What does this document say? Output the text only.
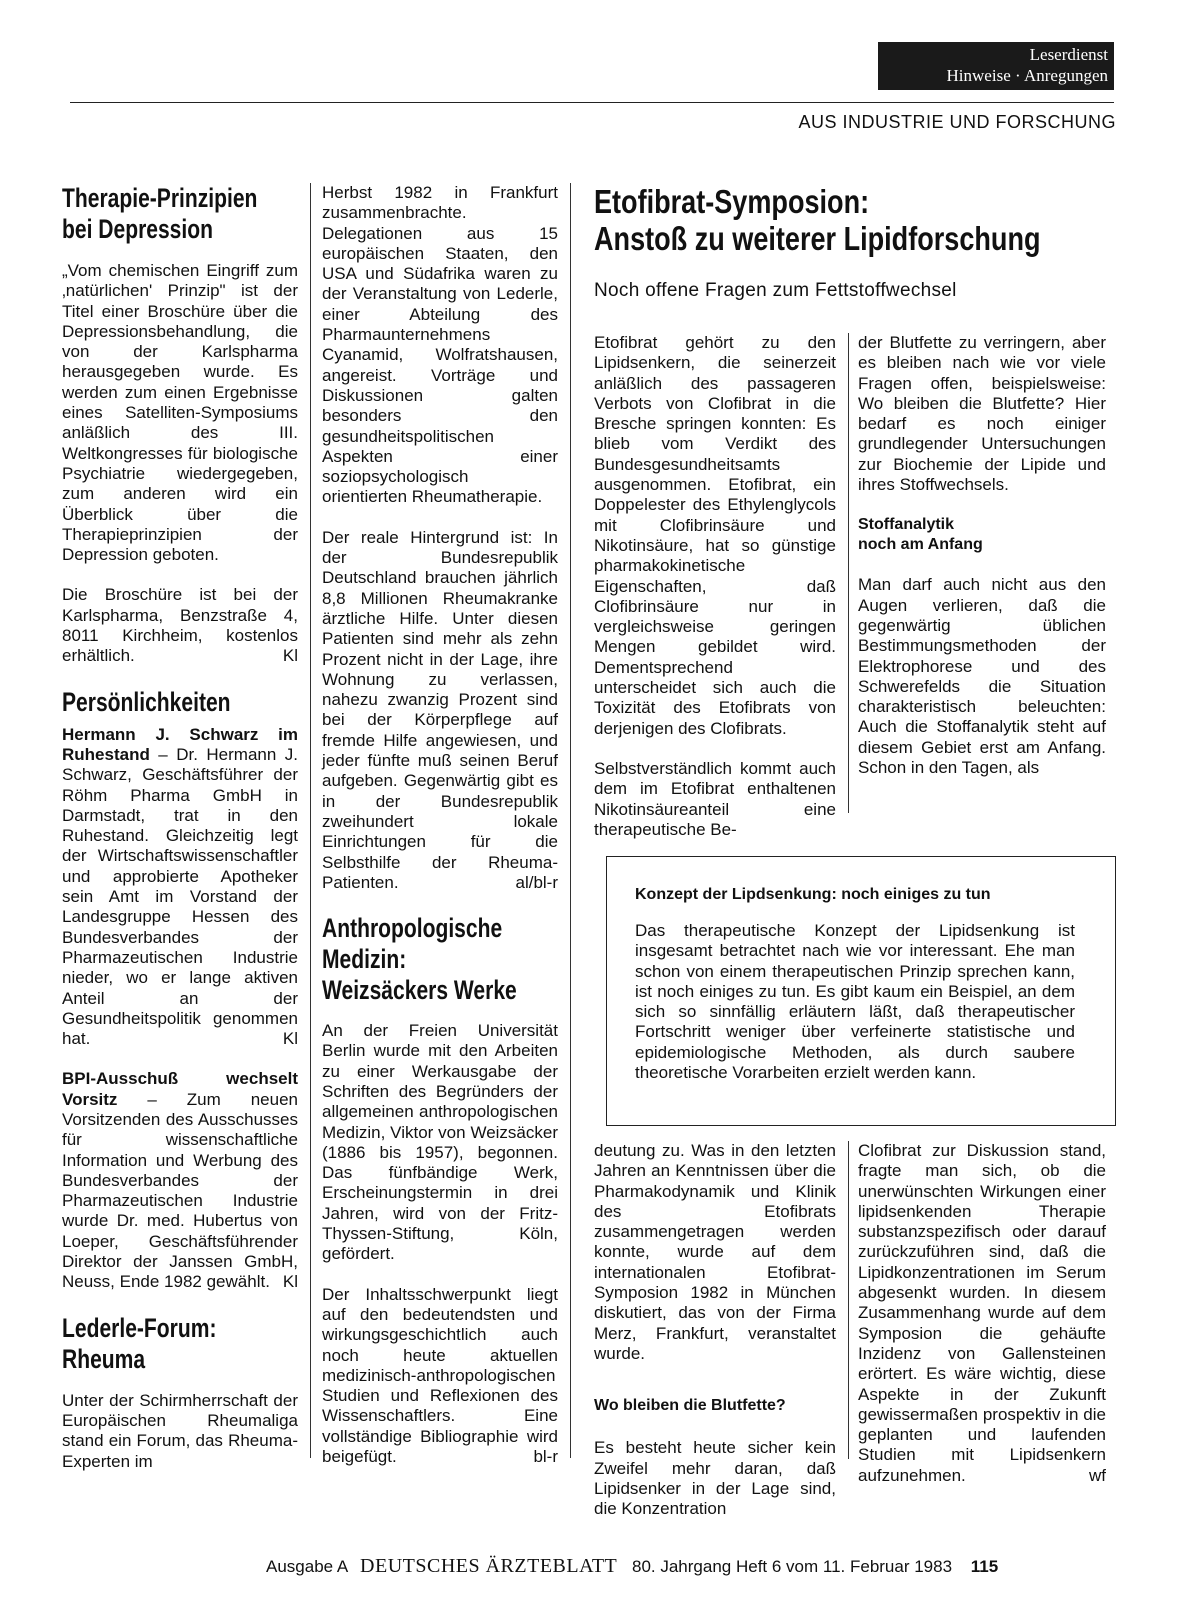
Leserdienst
Hinweise · Anregungen
AUS INDUSTRIE UND FORSCHUNG
Therapie-Prinzipien
bei Depression

„Vom chemischen Eingriff zum ‚natürlichen' Prinzip" ist der Titel einer Broschüre über die Depressionsbehandlung, die von der Karlspharma herausgegeben wurde. Es werden zum einen Ergebnisse eines Satelliten-Symposiums anläßlich des III. Weltkongresses für biologische Psychiatrie wiedergegeben, zum anderen wird ein Überblick über die Therapieprinzipien der Depression geboten.

Die Broschüre ist bei der Karlspharma, Benzstraße 4, 8011 Kirchheim, kostenlos erhältlich.	Kl

Persönlichkeiten

Hermann J. Schwarz im Ruhestand – Dr. Hermann J. Schwarz, Geschäftsführer der Röhm Pharma GmbH in Darmstadt, trat in den Ruhestand. Gleichzeitig legt der Wirtschaftswissenschaftler und approbierte Apotheker sein Amt im Vorstand der Landesgruppe Hessen des Bundesverbandes der Pharmazeutischen Industrie nieder, wo er lange aktiven Anteil an der Gesundheitspolitik genommen hat.	Kl

BPI-Ausschuß wechselt Vorsitz – Zum neuen Vorsitzenden des Ausschusses für wissenschaftliche Information und Werbung des Bundesverbandes der Pharmazeutischen Industrie wurde Dr. med. Hubertus von Loeper, Geschäftsführender Direktor der Janssen GmbH, Neuss, Ende 1982 gewählt. Kl

Lederle-Forum:
Rheuma

Unter der Schirmherrschaft der Europäischen Rheumaliga stand ein Forum, das Rheuma-Experten im

Herbst 1982 in Frankfurt zusammenbrachte. Delegationen aus 15 europäischen Staaten, den USA und Südafrika waren zu der Veranstaltung von Lederle, einer Abteilung des Pharmaunternehmens Cyanamid, Wolfratshausen, angereist. Vorträge und Diskussionen galten besonders den gesundheitspolitischen Aspekten einer soziopsychologisch orientierten Rheumatherapie.

Der reale Hintergrund ist: In der Bundesrepublik Deutschland brauchen jährlich 8,8 Millionen Rheumakranke ärztliche Hilfe. Unter diesen Patienten sind mehr als zehn Prozent nicht in der Lage, ihre Wohnung zu verlassen, nahezu zwanzig Prozent sind bei der Körperpflege auf fremde Hilfe angewiesen, und jeder fünfte muß seinen Beruf aufgeben. Gegenwärtig gibt es in der Bundesrepublik zweihundert lokale Einrichtungen für die Selbsthilfe der Rheuma-Patienten.	al/bl-r

Anthropologische
Medizin:
Weizsäckers Werke

An der Freien Universität Berlin wurde mit den Arbeiten zu einer Werkausgabe der Schriften des Begründers der allgemeinen anthropologischen Medizin, Viktor von Weizsäcker (1886 bis 1957), begonnen. Das fünfbändige Werk, Erscheinungstermin in drei Jahren, wird von der Fritz-Thyssen-Stiftung, Köln, gefördert.

Der Inhaltsschwerpunkt liegt auf den bedeutendsten und wirkungsgeschichtlich auch noch heute aktuellen medizinisch-anthropologischen Studien und Reflexionen des Wissenschaftlers. Eine vollständige Bibliographie wird beigefügt.	bl-r

Etofibrat-Symposion:
Anstoß zu weiterer Lipidforschung
Noch offene Fragen zum Fettstoffwechsel

Etofibrat gehört zu den Lipidsenkern, die seinerzeit anläßlich des passageren Verbots von Clofibrat in die Bresche springen konnten: Es blieb vom Verdikt des Bundesgesundheitsamts ausgenommen. Etofibrat, ein Doppelester des Ethylenglycols mit Clofibrinsäure und Nikotinsäure, hat so günstige pharmakokinetische Eigenschaften, daß Clofibrinsäure nur in vergleichsweise geringen Mengen gebildet wird. Dementsprechend unterscheidet sich auch die Toxizität des Etofibrats von derjenigen des Clofibrats.

Selbstverständlich kommt auch dem im Etofibrat enthaltenen Nikotinsäureanteil eine therapeutische Be-

der Blutfette zu verringern, aber es bleiben nach wie vor viele Fragen offen, beispielsweise: Wo bleiben die Blutfette? Hier bedarf es noch einiger grundlegender Untersuchungen zur Biochemie der Lipide und ihres Stoffwechsels.

Stoffanalytik
noch am Anfang

Man darf auch nicht aus den Augen verlieren, daß die gegenwärtig üblichen Bestimmungsmethoden der Elektrophorese und des Schwerefelds die Situation charakteristisch beleuchten: Auch die Stoffanalytik steht auf diesem Gebiet erst am Anfang. Schon in den Tagen, als

Konzept der Lipdsenkung: noch einiges zu tun
Das therapeutische Konzept der Lipidsenkung ist insgesamt betrachtet nach wie vor interessant. Ehe man schon von einem therapeutischen Prinzip sprechen kann, ist noch einiges zu tun. Es gibt kaum ein Beispiel, an dem sich so sinnfällig erläutern läßt, daß therapeutischer Fortschritt weniger über verfeinerte statistische und epidemiologische Methoden, als durch saubere theoretische Vorarbeiten erzielt werden kann.

deutung zu. Was in den letzten Jahren an Kenntnissen über die Pharmakodynamik und Klinik des Etofibrats zusammengetragen werden konnte, wurde auf dem internationalen Etofibrat-Symposion 1982 in München diskutiert, das von der Firma Merz, Frankfurt, veranstaltet wurde.

Wo bleiben die Blutfette?

Es besteht heute sicher kein Zweifel mehr daran, daß Lipidsenker in der Lage sind, die Konzentration

Clofibrat zur Diskussion stand, fragte man sich, ob die unerwünschten Wirkungen einer lipidsenkenden Therapie substanzspezifisch oder darauf zurückzuführen sind, daß die Lipidkonzentrationen im Serum abgesenkt wurden. In diesem Zusammenhang wurde auf dem Symposion die gehäufte Inzidenz von Gallensteinen erörtert. Es wäre wichtig, diese Aspekte in der Zukunft gewissermaßen prospektiv in die geplanten und laufenden Studien mit Lipidsenkern aufzunehmen.	wf

Ausgabe A DEUTSCHES ÄRZTEBLATT 80. Jahrgang Heft 6 vom 11. Februar 1983 115
